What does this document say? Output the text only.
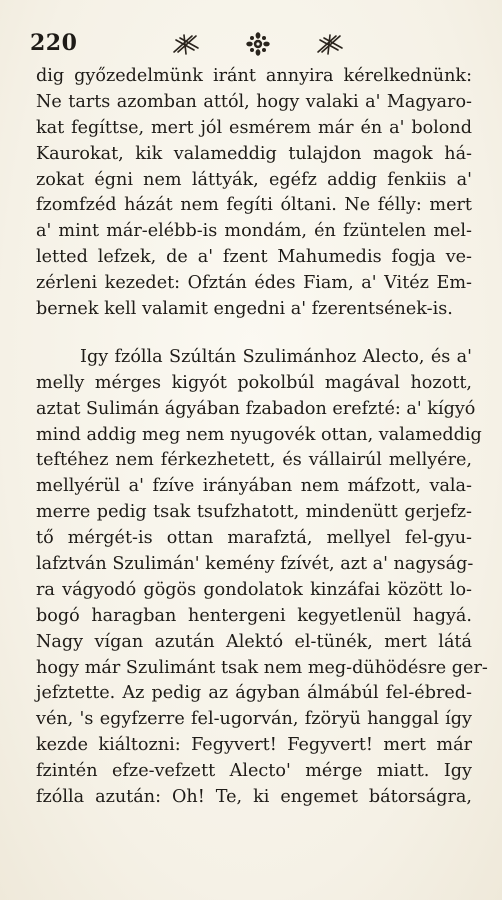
220
dig győzedelmünk iránt annyira kérelkednünk:
Ne tarts azomban attól, hogy valaki a' Magyaro-
kat fegíttse, mert jól esmérem már én a' bolond
Kaurokat, kik valameddig tulajdon magok há-
zokat égni nem láttyák, egéfz addig fenkiis a'
fzomfzéd házát nem fegíti óltani. Ne félly: mert
a' mint már-elébb-is mondám, én fzüntelen mel-
letted lefzek, de a' fzent Mahumedis fogja ve-
zérleni kezedet: Ofztán édes Fiam, a' Vitéz Em-
bernek kell valamit engedni a' fzerentsének-is.
Igy fzólla Szúltán Szulimánhoz Alecto, és a'
melly mérges kigyót pokolbúl magával hozott,
aztat Sulimán ágyában fzabadon erefzté: a' kígyó
mind addig meg nem nyugovék ottan, valameddig
teftéhez nem férkezhetett, és vállairúl mellyére,
mellyérül a' fzíve irányában nem máfzott, vala-
merre pedig tsak tsufzhatott, mindenütt gerjefz-
tő mérgét-is ottan marafztá, mellyel fel-gyu-
lafztván Szulimán' kemény fzívét, azt a' nagyság-
ra vágyodó gögös gondolatok kinzáfai között lo-
bogó haragban hentergeni kegyetlenül hagyá.
Nagy vígan azután Alektó el-tünék, mert látá
hogy már Szulimánt tsak nem meg-dühödésre ger-
jefztette. Az pedig az ágyban álmábúl fel-ébred-
vén, 's egyfzerre fel-ugorván, fzöryü hanggal így
kezde kiáltozni: Fegyvert! Fegyvert! mert már
fzintén efze-vefzett Alecto' mérge miatt. Igy
fzólla azután: Oh! Te, ki engemet bátorságra,
